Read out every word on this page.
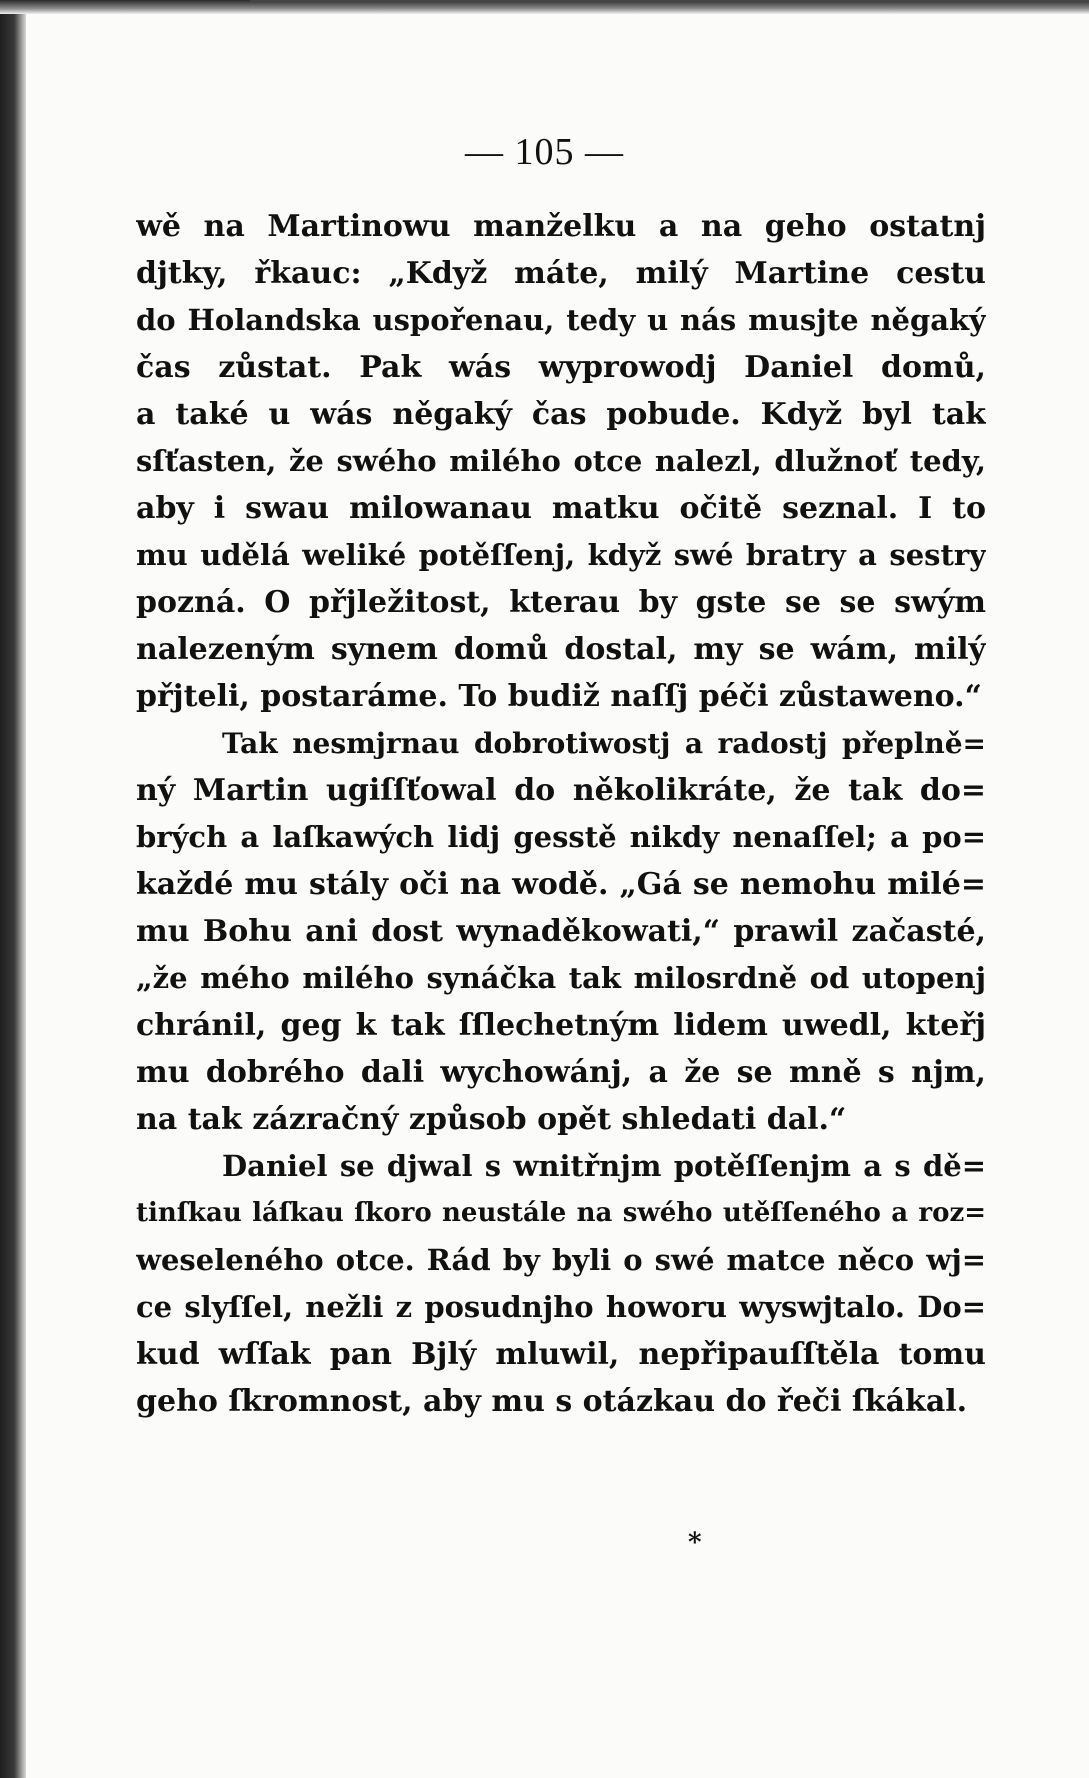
— 105 —
wě na Martinowu manželku a na geho ostatnj
djtky, řkauc: „Když máte, milý Martine cestu
do Holandska uspořenau, tedy u nás musjte něgaký
čas zůstat. Pak wás wyprowodj Daniel domů,
a také u wás něgaký čas pobude. Když byl tak
sſťasten, že swého milého otce nalezl, dlužnoť tedy,
aby i swau milowanau matku očitě seznal. I to
mu udělá weliké potěſſenj, když swé bratry a sestry
pozná. O přjležitost, kterau by gste se se swým
nalezeným synem domů dostal, my se wám, milý
přjteli, postaráme. To budiž naſſj péči zůstaweno.“
Tak nesmjrnau dobrotiwostj a radostj přeplně=
ný Martin ugiſſťowal do několikráte, že tak do=
brých a laſkawých lidj gesstě nikdy nenaſſel; a po=
každé mu stály oči na wodě. „Gá se nemohu milé=
mu Bohu ani dost wynaděkowati,“ prawil začasté,
„že mého milého synáčka tak milosrdně od utopenj
chránil, geg k tak ſſlechetným lidem uwedl, kteřj
mu dobrého dali wychowánj, a že se mně s njm,
na tak zázračný způsob opět shledati dal.“
Daniel se djwal s wnitřnjm potěſſenjm a s dě=
tinſkau láſkau ſkoro neustále na swého utěſſeného a roz=
weseleného otce. Rád by byli o swé matce něco wj=
ce slyſſel, nežli z posudnjho howoru wyswjtalo. Do=
kud wſſak pan Bjlý mluwil, nepřipauſſtěla tomu
geho ſkromnost, aby mu s otázkau do řeči ſkákal.
*
